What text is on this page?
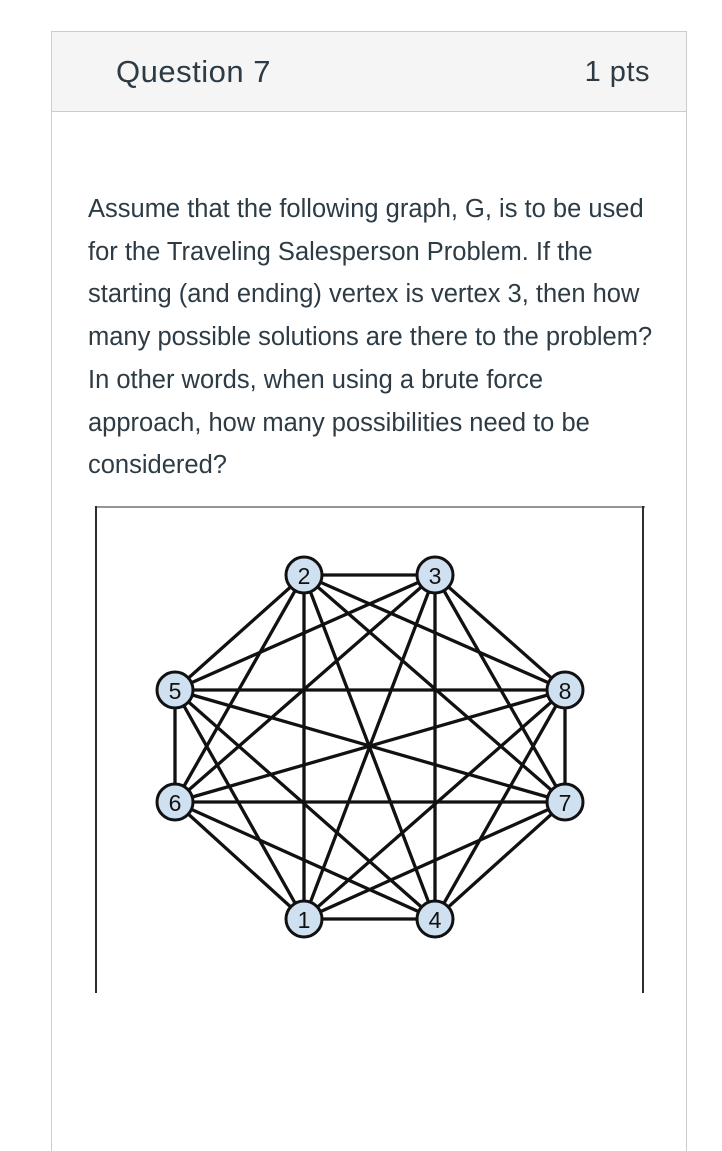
Question 7	1 pts

Assume that the following graph, G, is to be used for the Traveling Salesperson Problem. If the starting (and ending) vertex is vertex 3, then how many possible solutions are there to the problem? In other words, when using a brute force approach, how many possibilities need to be considered?

1
2	3
4
5
6	7
8
